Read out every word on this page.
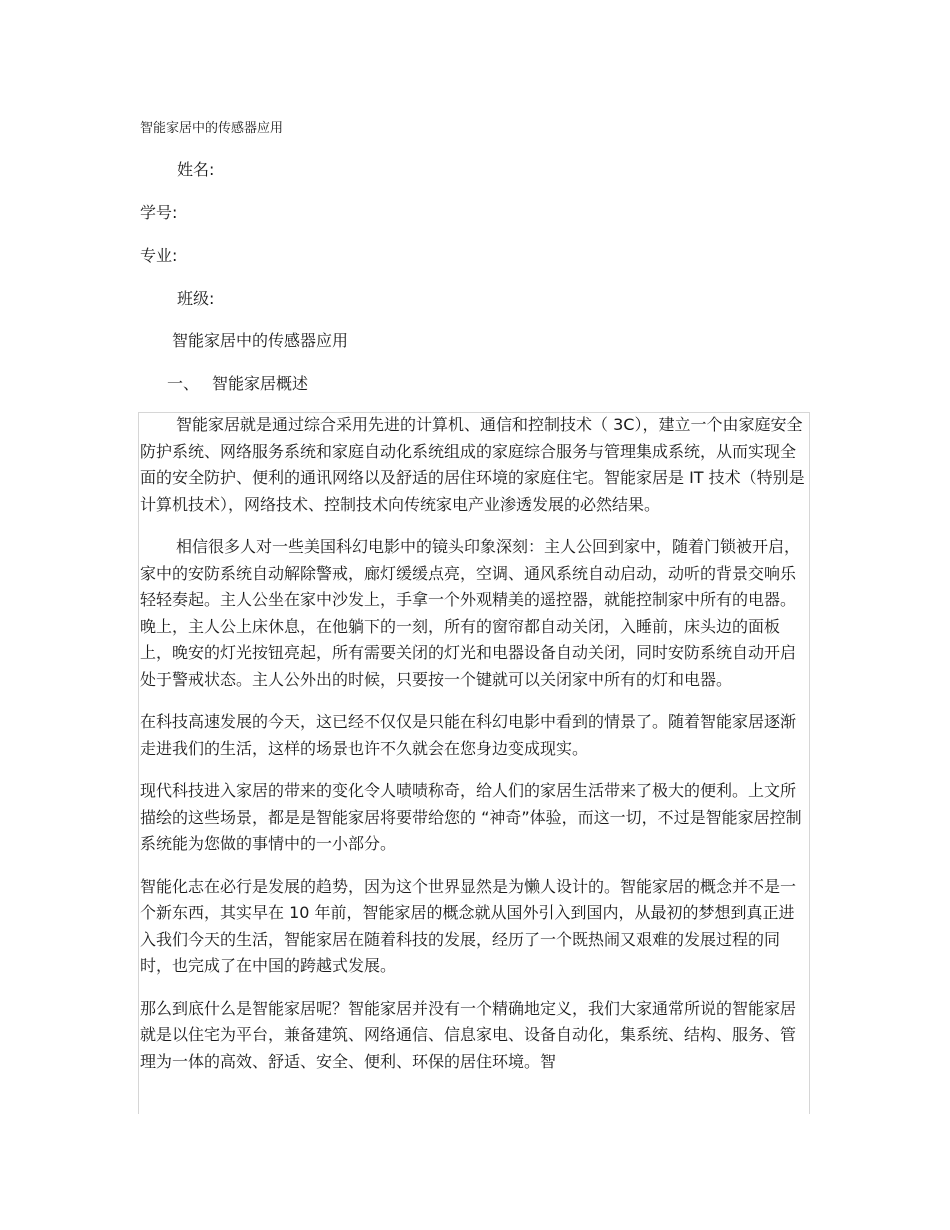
智能家居中的传感器应用

姓名:

学号:

专业:

班级:

智能家居中的传感器应用

一、 智能家居概述

智能家居就是通过综合采用先进的计算机、通信和控制技术（ 3C），建立一个由家庭安全防护系统、网络服务系统和家庭自动化系统组成的家庭综合服务与管理集成系统，从而实现全面的安全防护、便利的通讯网络以及舒适的居住环境的家庭住宅。智能家居是 IT 技术（特别是计算机技术），网络技术、控制技术向传统家电产业渗透发展的必然结果。

相信很多人对一些美国科幻电影中的镜头印象深刻：主人公回到家中，随着门锁被开启，家中的安防系统自动解除警戒，廊灯缓缓点亮，空调、通风系统自动启动，动听的背景交响乐轻轻奏起。主人公坐在家中沙发上，手拿一个外观精美的遥控器，就能控制家中所有的电器。晚上，主人公上床休息，在他躺下的一刻，所有的窗帘都自动关闭，入睡前，床头边的面板上，晚安的灯光按钮亮起，所有需要关闭的灯光和电器设备自动关闭，同时安防系统自动开启处于警戒状态。主人公外出的时候，只要按一个键就可以关闭家中所有的灯和电器。

在科技高速发展的今天，这已经不仅仅是只能在科幻电影中看到的情景了。随着智能家居逐渐走进我们的生活，这样的场景也许不久就会在您身边变成现实。

现代科技进入家居的带来的变化令人啧啧称奇，给人们的家居生活带来了极大的便利。上文所描绘的这些场景，都是是智能家居将要带给您的 “神奇”体验，而这一切，不过是智能家居控制系统能为您做的事情中的一小部分。

智能化志在必行是发展的趋势，因为这个世界显然是为懒人设计的。智能家居的概念并不是一个新东西，其实早在 10 年前，智能家居的概念就从国外引入到国内，从最初的梦想到真正进入我们今天的生活，智能家居在随着科技的发展，经历了一个既热闹又艰难的发展过程的同时，也完成了在中国的跨越式发展。

那么到底什么是智能家居呢？智能家居并没有一个精确地定义，我们大家通常所说的智能家居就是以住宅为平台，兼备建筑、网络通信、信息家电、设备自动化，集系统、结构、服务、管理为一体的高效、舒适、安全、便利、环保的居住环境。智
